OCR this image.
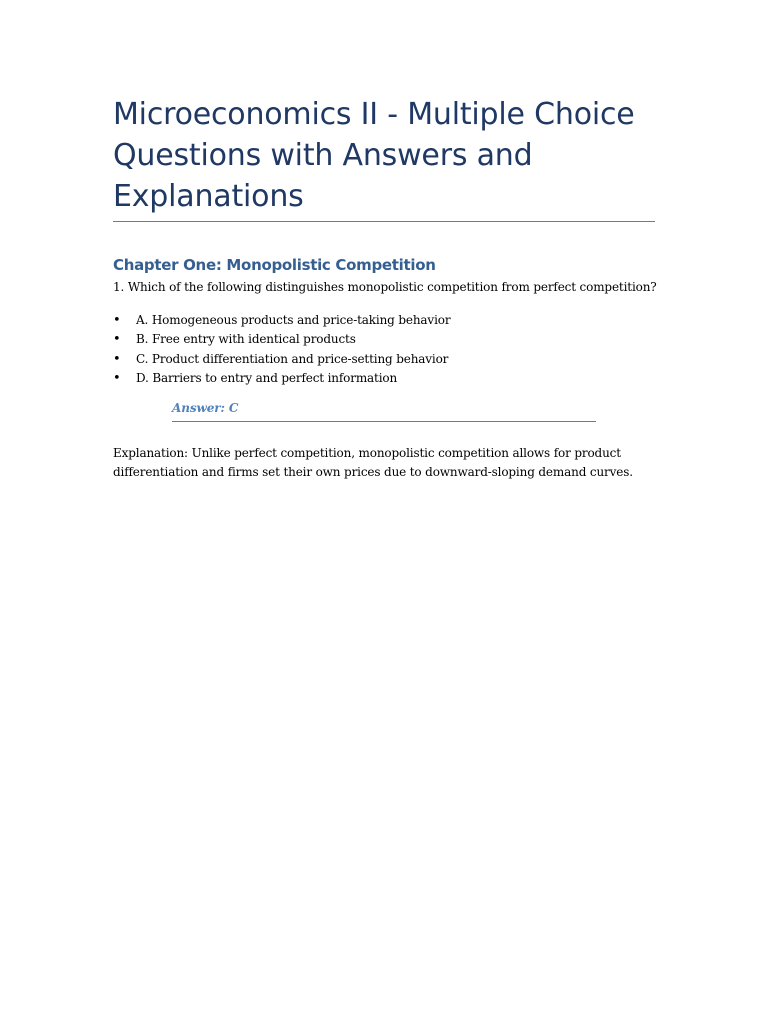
Microeconomics II - Multiple Choice Questions with Answers and Explanations
Chapter One: Monopolistic Competition

1. Which of the following distinguishes monopolistic competition from perfect competition?

• A. Homogeneous products and price-taking behavior
• B. Free entry with identical products
• C. Product differentiation and price-setting behavior
• D. Barriers to entry and perfect information

Answer: C

Explanation: Unlike perfect competition, monopolistic competition allows for product differentiation and firms set their own prices due to downward-sloping demand curves.
